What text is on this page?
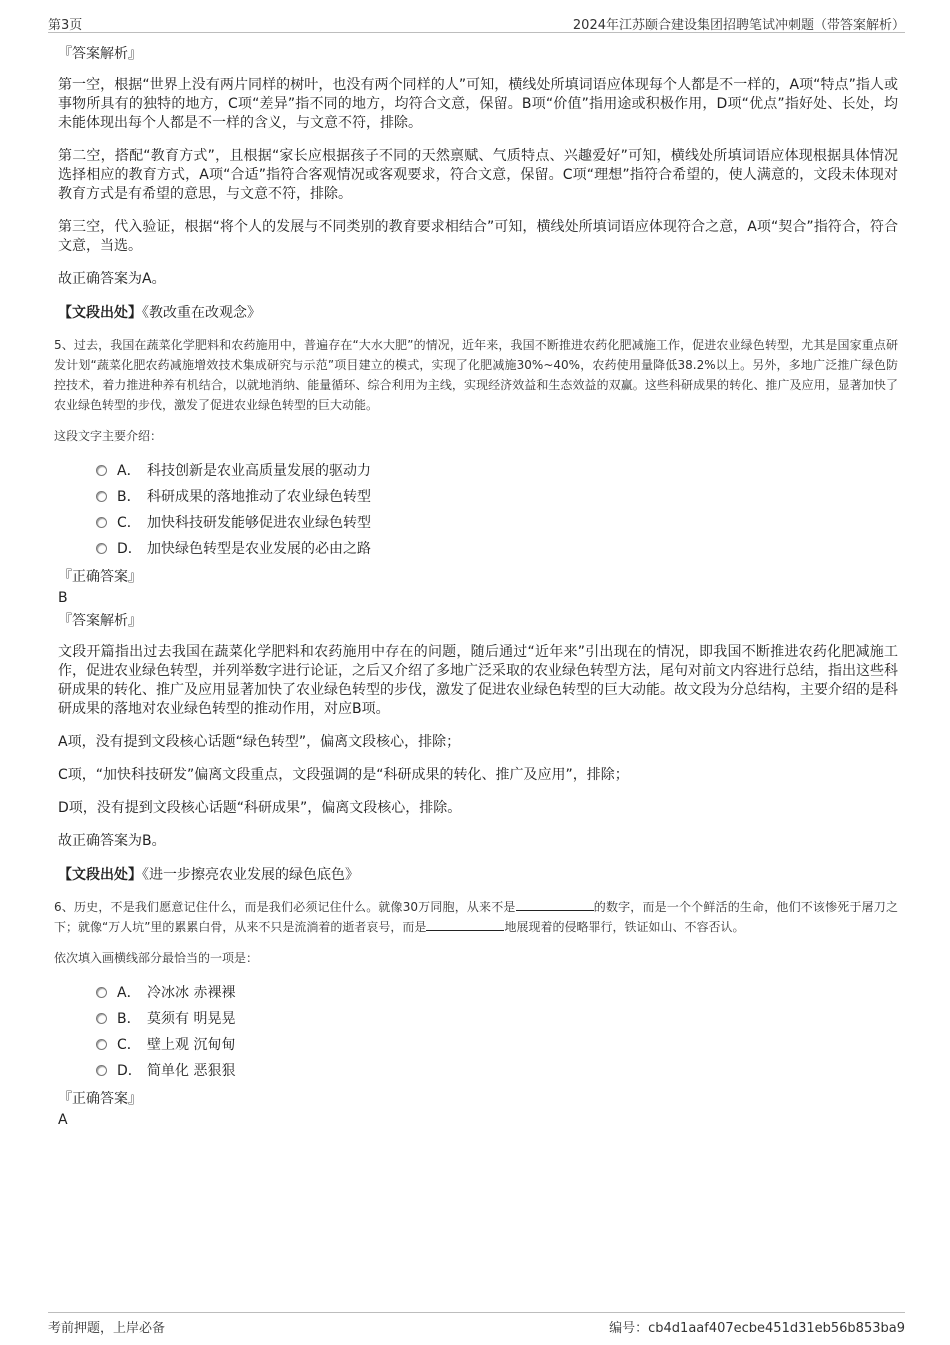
第3页	2024年江苏颐合建设集团招聘笔试冲刺题（带答案解析）
『答案解析』

第一空，根据“世界上没有两片同样的树叶，也没有两个同样的人”可知，横线处所填词语应体现每个人都是不一样的，A项“特点”指人或事物所具有的独特的地方，C项“差异”指不同的地方，均符合文意，保留。B项“价值”指用途或积极作用，D项“优点”指好处、长处，均未能体现出每个人都是不一样的含义，与文意不符，排除。

第二空，搭配“教育方式”，且根据“家长应根据孩子不同的天然禀赋、气质特点、兴趣爱好”可知，横线处所填词语应体现根据具体情况选择相应的教育方式，A项“合适”指符合客观情况或客观要求，符合文意，保留。C项“理想”指符合希望的，使人满意的，文段未体现对教育方式是有希望的意思，与文意不符，排除。

第三空，代入验证，根据“将个人的发展与不同类别的教育要求相结合”可知，横线处所填词语应体现符合之意，A项“契合”指符合，符合文意，当选。

故正确答案为A。

【文段出处】《教改重在改观念》
5、过去，我国在蔬菜化学肥料和农药施用中，普遍存在“大水大肥”的情况，近年来，我国不断推进农药化肥减施工作，促进农业绿色转型，尤其是国家重点研发计划“蔬菜化肥农药减施增效技术集成研究与示范”项目建立的模式，实现了化肥减施30%~40%，农药使用量降低38.2%以上。另外，多地广泛推广绿色防控技术，着力推进种养有机结合，以就地消纳、能量循环、综合利用为主线，实现经济效益和生态效益的双赢。这些科研成果的转化、推广及应用，显著加快了农业绿色转型的步伐，激发了促进农业绿色转型的巨大动能。
这段文字主要介绍：
A． 科技创新是农业高质量发展的驱动力
B． 科研成果的落地推动了农业绿色转型
C． 加快科技研发能够促进农业绿色转型
D． 加快绿色转型是农业发展的必由之路
『正确答案』
B
『答案解析』

文段开篇指出过去我国在蔬菜化学肥料和农药施用中存在的问题，随后通过“近年来”引出现在的情况，即我国不断推进农药化肥减施工作，促进农业绿色转型，并列举数字进行论证，之后又介绍了多地广泛采取的农业绿色转型方法，尾句对前文内容进行总结，指出这些科研成果的转化、推广及应用显著加快了农业绿色转型的步伐，激发了促进农业绿色转型的巨大动能。故文段为分总结构，主要介绍的是科研成果的落地对农业绿色转型的推动作用，对应B项。

A项，没有提到文段核心话题“绿色转型”，偏离文段核心，排除；

C项，“加快科技研发”偏离文段重点，文段强调的是“科研成果的转化、推广及应用”，排除；

D项，没有提到文段核心话题“科研成果”，偏离文段核心，排除。

故正确答案为B。

【文段出处】《进一步擦亮农业发展的绿色底色》
6、历史，不是我们愿意记住什么，而是我们必须记住什么。就像30万同胞，从来不是	的数字，而是一个个鲜活的生命，他们不该惨死于屠刀之下；就像“万人坑”里的累累白骨，从来不只是流淌着的逝者哀号，而是	地展现着的侵略罪行，铁证如山、不容否认。
依次填入画横线部分最恰当的一项是：
A． 冷冰冰 赤裸裸
B． 莫须有 明晃晃
C． 壁上观 沉甸甸
D． 简单化 恶狠狠
『正确答案』
A
考前押题，上岸必备	编号：cb4d1aaf407ecbe451d31eb56b853ba9
